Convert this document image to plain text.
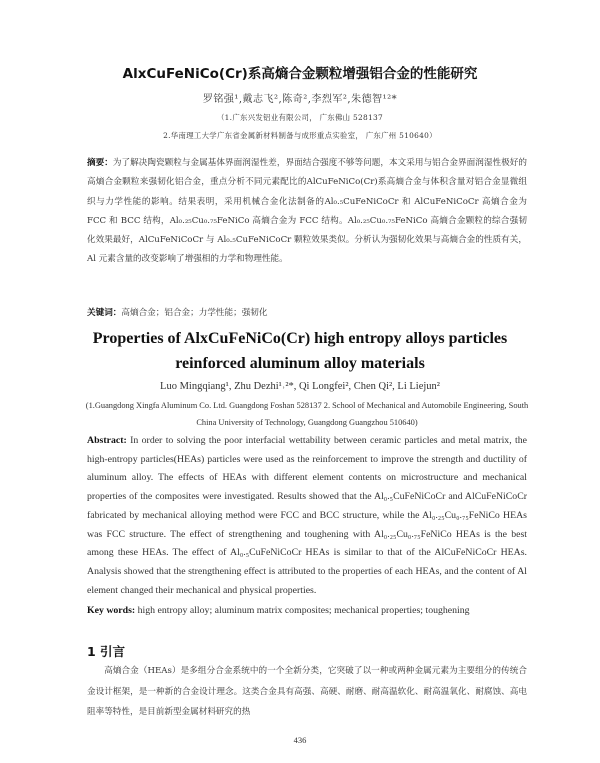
AlxCuFeNiCo(Cr)系高熵合金颗粒增强铝合金的性能研究
罗铭强¹,戴志飞²,陈奇²,李烈军²,朱德智¹²*
（1.广东兴发铝业有限公司， 广东佛山 528137
2.华南理工大学广东省金属新材料制备与成形重点实验室， 广东广州 510640）
摘要：为了解决陶瓷颗粒与金属基体界面润湿性差，界面结合强度不够等问题，本文采用与铝合金界面润湿性极好的高熵合金颗粒来强韧化铝合金，重点分析不同元素配比的AlCuFeNiCo(Cr)系高熵合金与体积含量对铝合金显微组织与力学性能的影响。结果表明，采用机械合金化法制备的Al₀.₅CuFeNiCoCr 和 AlCuFeNiCoCr 高熵合金为 FCC 和 BCC 结构，Al₀.₂₅Cu₀.₇₅FeNiCo 高熵合金为 FCC 结构。Al₀.₂₅Cu₀.₇₅FeNiCo 高熵合金颗粒的综合强韧化效果最好，AlCuFeNiCoCr 与 Al₀.₅CuFeNiCoCr 颗粒效果类似。分析认为强韧化效果与高熵合金的性质有关，Al 元素含量的改变影响了增强相的力学和物理性能。
关键词：高熵合金；铝合金；力学性能；强韧化
Properties of AlxCuFeNiCo(Cr) high entropy alloys particles
reinforced aluminum alloy materials
Luo Mingqiang¹, Zhu Dezhi¹˒²*, Qi Longfei², Chen Qi², Li Liejun²
(1.Guangdong Xingfa Aluminum Co. Ltd. Guangdong Foshan 528137 2. School of Mechanical and Automobile Engineering, South China University of Technology, Guangdong Guangzhou 510640)
Abstract: In order to solving the poor interfacial wettability between ceramic particles and metal matrix, the high-entropy particles(HEAs) particles were used as the reinforcement to improve the strength and ductility of aluminum alloy. The effects of HEAs with different element contents on microstructure and mechanical properties of the composites were investigated. Results showed that the Al₀.₅CuFeNiCoCr and AlCuFeNiCoCr fabricated by mechanical alloying method were FCC and BCC structure, while the Al₀.₂₅Cu₀.₇₅FeNiCo HEAs was FCC structure. The effect of strengthening and toughening with Al₀.₂₅Cu₀.₇₅FeNiCo HEAs is the best among these HEAs. The effect of Al₀.₅CuFeNiCoCr HEAs is similar to that of the AlCuFeNiCoCr HEAs. Analysis showed that the strengthening effect is attributed to the properties of each HEAs, and the content of Al element changed their mechanical and physical properties.
Key words: high entropy alloy; aluminum matrix composites; mechanical properties; toughening
1 引言
高熵合金（HEAs）是多组分合金系统中的一个全新分类，它突破了以一种或两种金属元素为主要组分的传统合金设计框架，是一种新的合金设计理念。这类合金具有高强、高硬、耐磨、耐高温软化、耐高温氧化、耐腐蚀、高电阻率等特性，是目前新型金属材料研究的热
436
